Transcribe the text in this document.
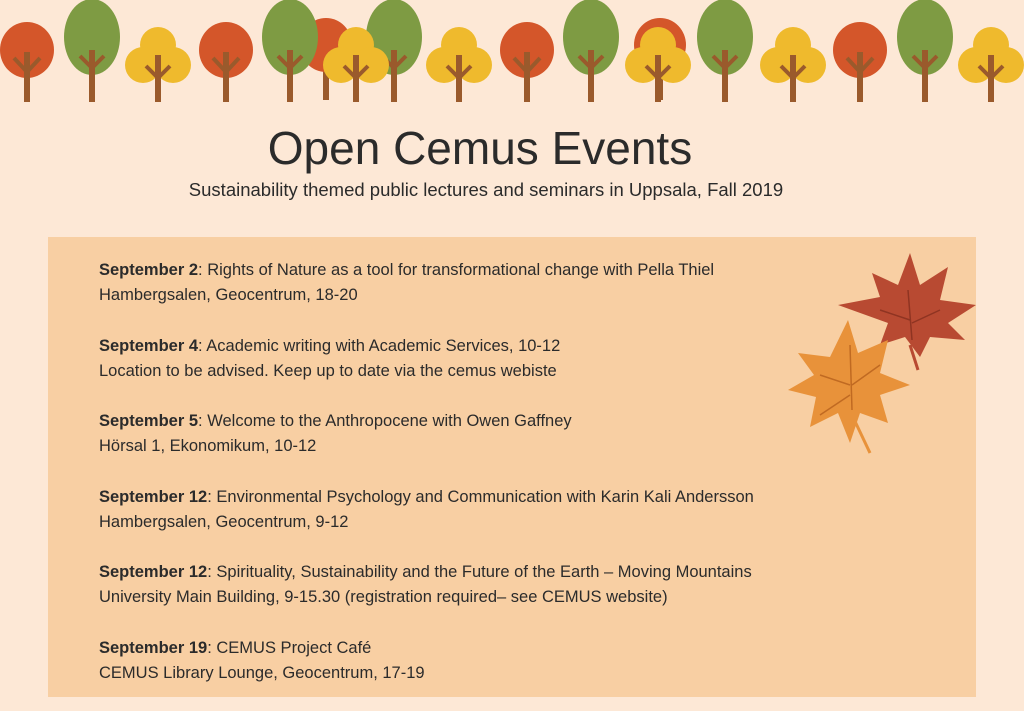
Open Cemus Events
Sustainability themed public lectures and seminars in Uppsala, Fall 2019
September 2: Rights of Nature as a tool for transformational change with Pella Thiel
Hambergsalen, Geocentrum, 18-20
September 4: Academic writing with Academic Services, 10-12
Location to be advised. Keep up to date via the cemus webiste
September 5: Welcome to the Anthropocene with Owen Gaffney
Hörsal 1, Ekonomikum, 10-12
September 12: Environmental Psychology and Communication with Karin Kali Andersson
Hambergsalen, Geocentrum, 9-12
September 12: Spirituality, Sustainability and the Future of the Earth – Moving Mountains
University Main Building, 9-15.30 (registration required– see CEMUS website)
September 19: CEMUS Project Café
CEMUS Library Lounge, Geocentrum, 17-19
